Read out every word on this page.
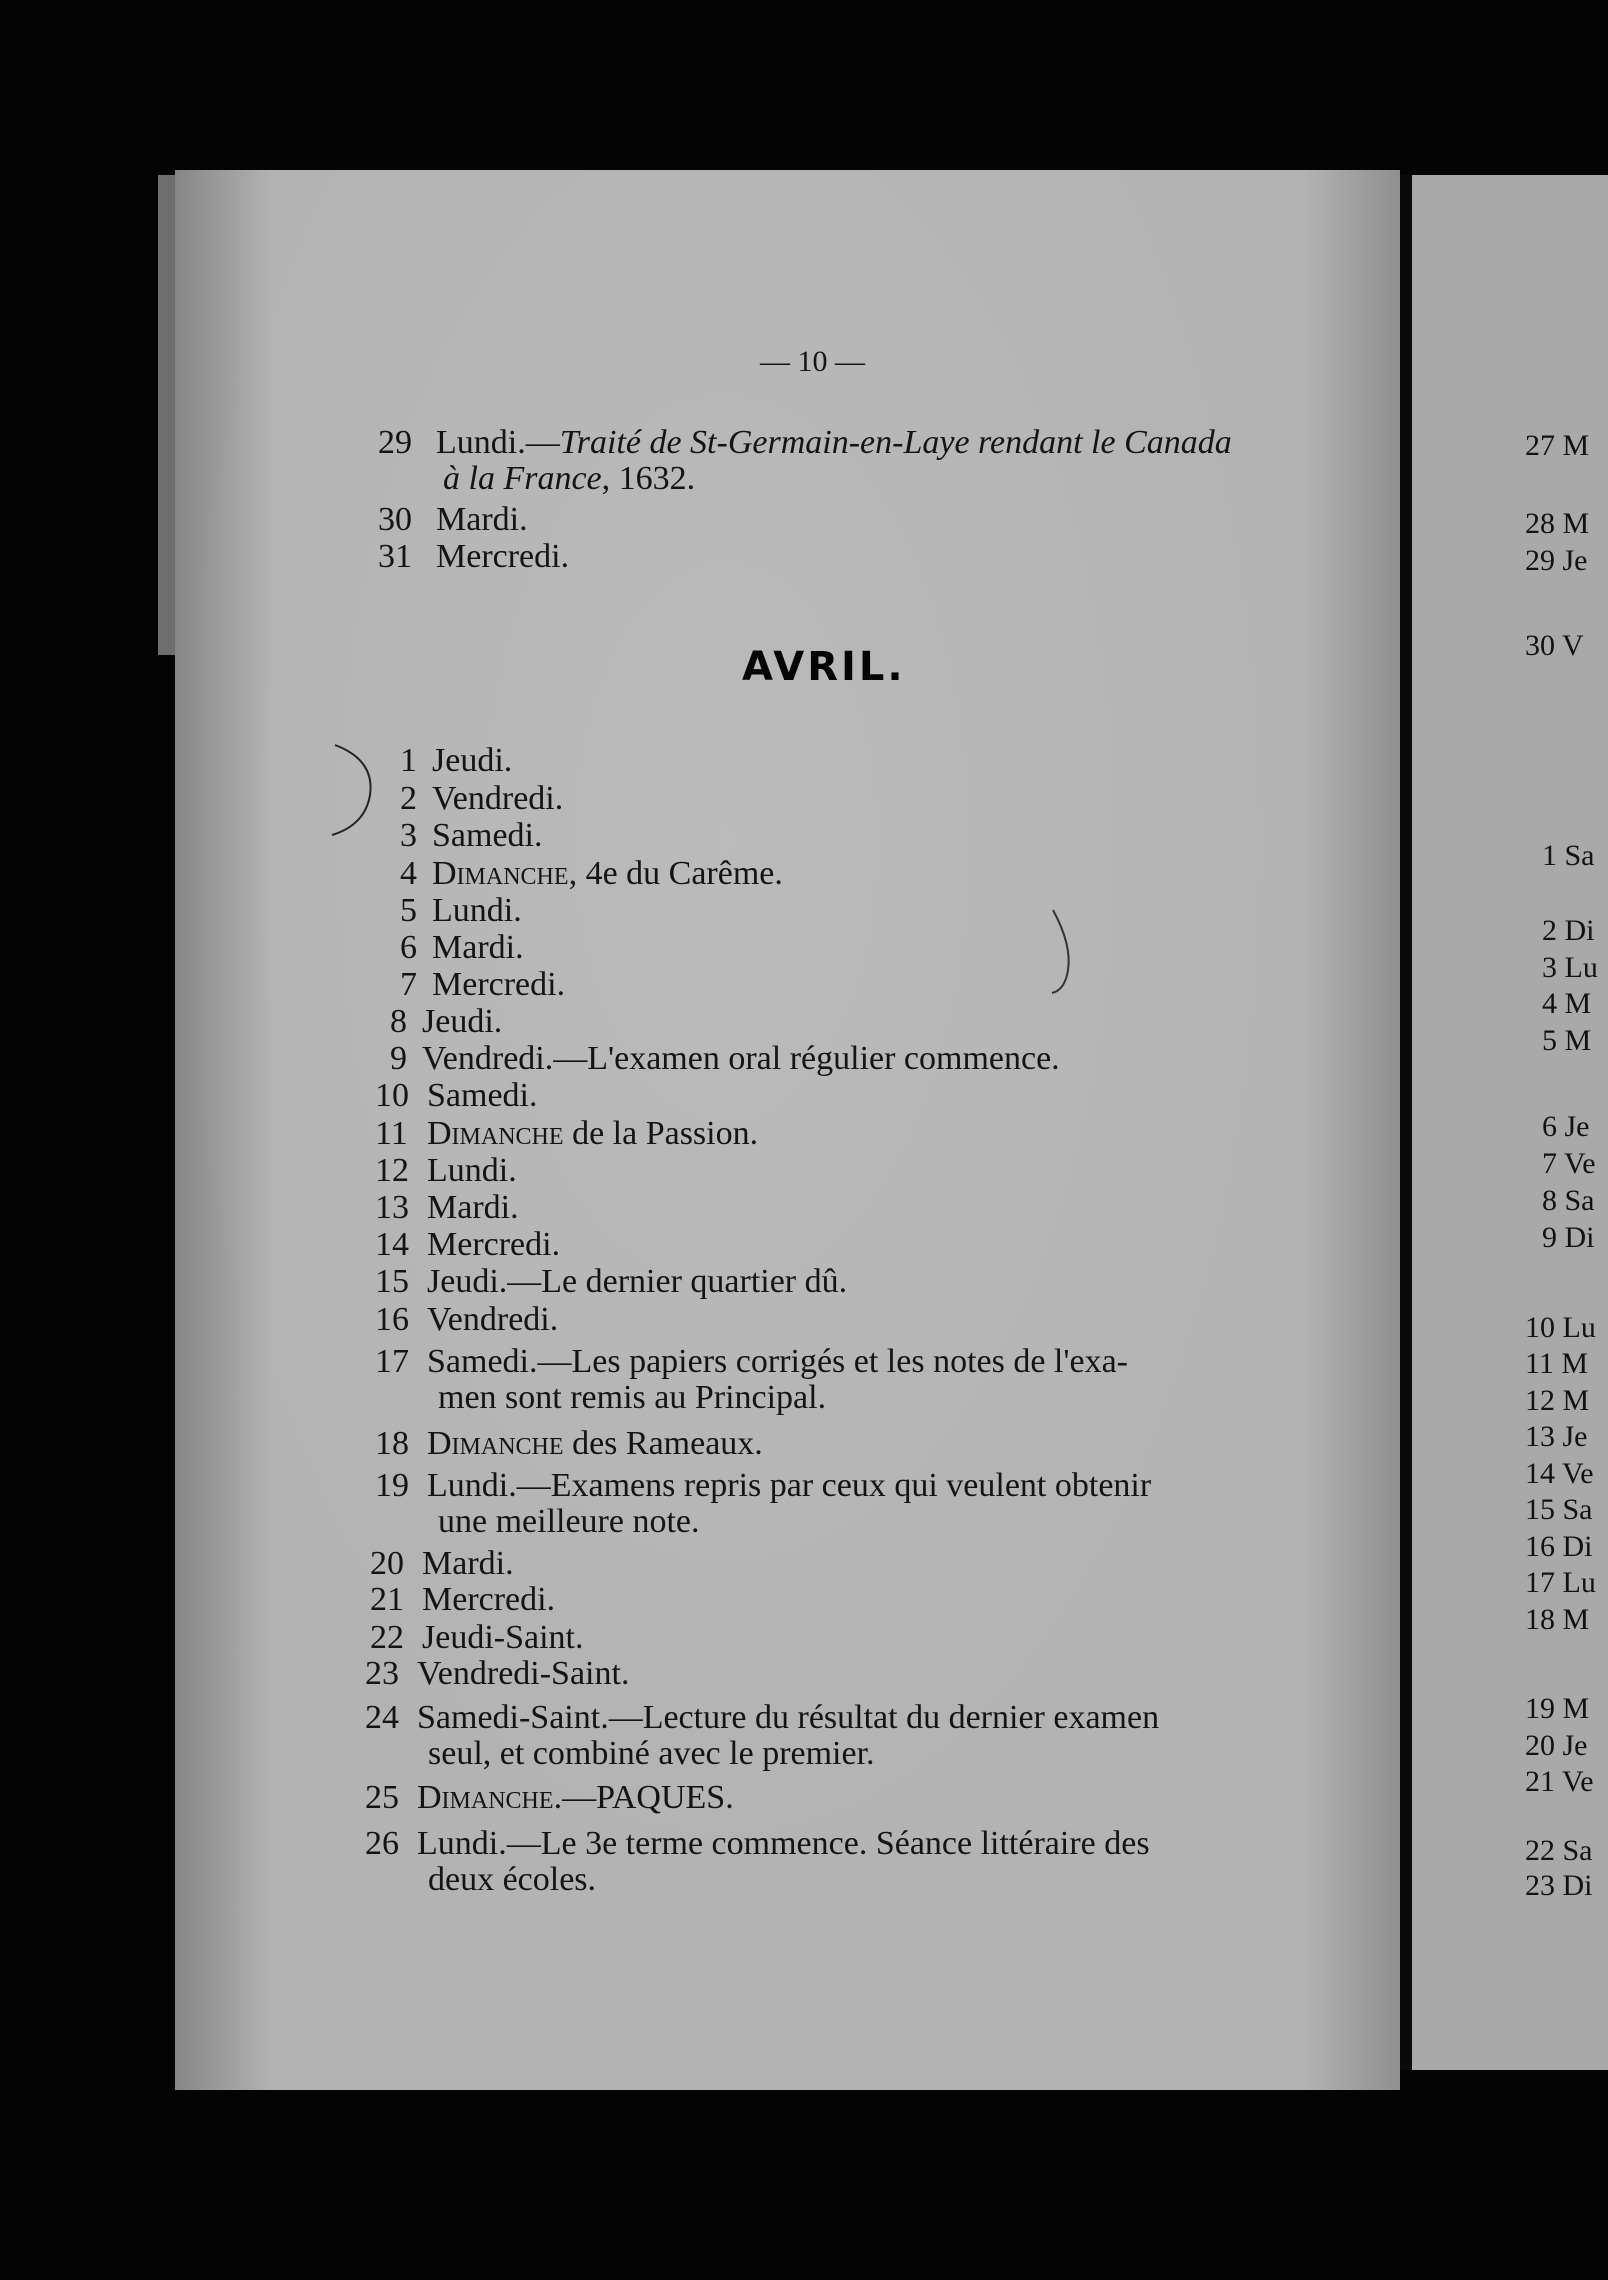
— 10 —
29 Lundi.—Traité de St-Germain-en-Laye rendant le Canada
à la France, 1632.
30 Mardi.
31 Mercredi.
AVRIL.
1 Jeudi.
2 Vendredi.
3 Samedi.
4 Dimanche, 4e du Carême.
5 Lundi.
6 Mardi.
7 Mercredi.
8 Jeudi.
9 Vendredi.—L'examen oral régulier commence.
10 Samedi.
11 Dimanche de la Passion.
12 Lundi.
13 Mardi.
14 Mercredi.
15 Jeudi.—Le dernier quartier dû.
16 Vendredi.
17 Samedi.—Les papiers corrigés et les notes de l'exa-
men sont remis au Principal.
18 Dimanche des Rameaux.
19 Lundi.—Examens repris par ceux qui veulent obtenir
une meilleure note.
20 Mardi.
21 Mercredi.
22 Jeudi-Saint.
23 Vendredi-Saint.
24 Samedi-Saint.—Lecture du résultat du dernier examen
seul, et combiné avec le premier.
25 Dimanche.—PAQUES.
26 Lundi.—Le 3e terme commence. Séance littéraire des
deux écoles.
27 M
28 M
29 Je
30 V
1 Sa
2 Di
3 Lu
4 M
5 M
6 Je
7 Ve
8 Sa
9 Di
10 Lu
11 M
12 M
13 Je
14 Ve
15 Sa
16 Di
17 Lu
18 M
19 M
20 Je
21 Ve
22 Sa
23 Di
